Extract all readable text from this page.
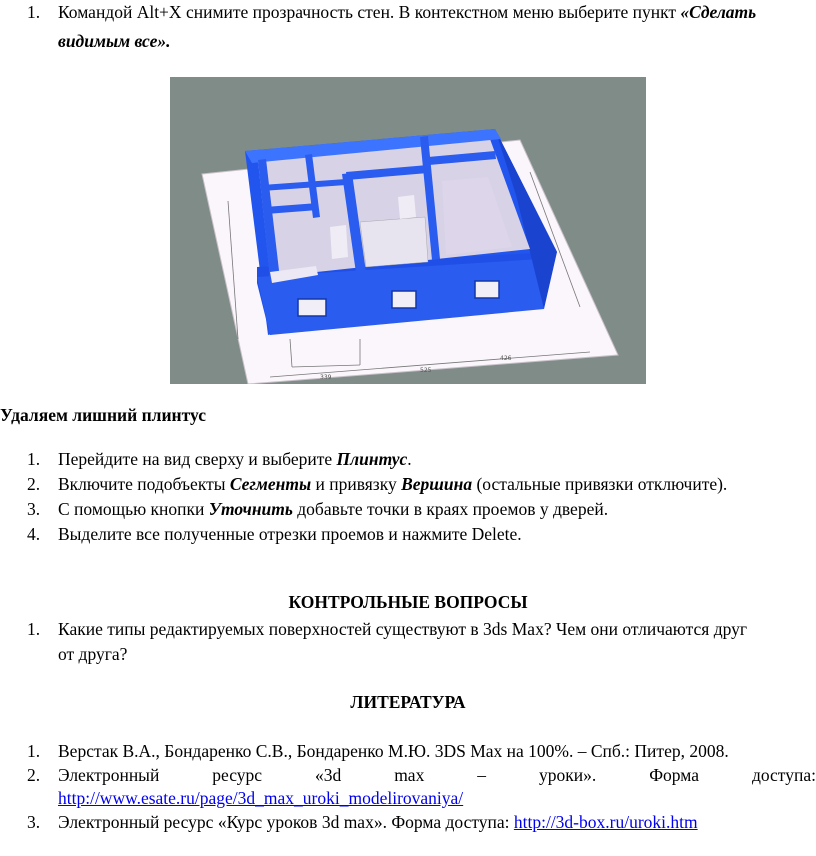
1. Командой Alt+X снимите прозрачность стен. В контекстном меню выберите пункт «Сделать
видимым все».
339
525
426
Удаляем лишний плинтус
1. Перейдите на вид сверху и выберите Плинтус.
2. Включите подобъекты Сегменты и привязку Вершина (остальные привязки отключите).
3. С помощью кнопки Уточнить добавьте точки в краях проемов у дверей.
4. Выделите все полученные отрезки проемов и нажмите Delete.
КОНТРОЛЬНЫЕ ВОПРОСЫ
1. Какие типы редактируемых поверхностей существуют в 3ds Max? Чем они отличаются друг
от друга?
ЛИТЕРАТУРА
1. Верстак В.А., Бондаренко С.В., Бондаренко М.Ю. 3DS Max на 100%. – Спб.: Питер, 2008.
2. Электронный	ресурс	«3d	max	–	уроки».	Форма	доступа:
http://www.esate.ru/page/3d_max_uroki_modelirovaniya/
3. Электронный ресурс «Курс уроков 3d max». Форма доступа: http://3d-box.ru/uroki.htm
